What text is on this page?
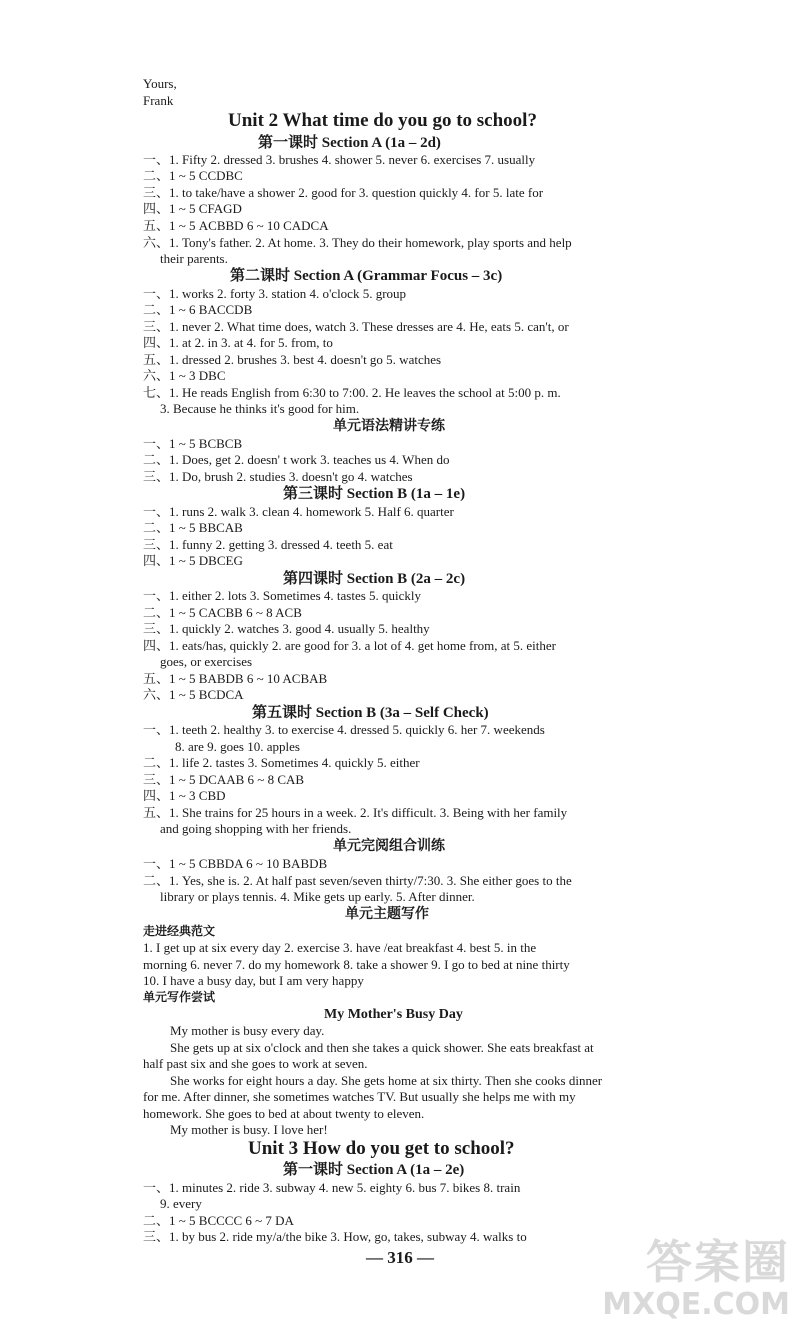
Yours,
Frank
Unit 2 What time do you go to school?
第一课时 Section A (1a – 2d)
一、1. Fifty 2. dressed 3. brushes 4. shower 5. never 6. exercises 7. usually
二、1 ~ 5 CCDBC
三、1. to take/have a shower 2. good for 3. question quickly 4. for 5. late for
四、1 ~ 5 CFAGD
五、1 ~ 5 ACBBD 6 ~ 10 CADCA
六、1. Tony's father. 2. At home. 3. They do their homework, play sports and help
their parents.
第二课时 Section A (Grammar Focus – 3c)
一、1. works 2. forty 3. station 4. o'clock 5. group
二、1 ~ 6 BACCDB
三、1. never 2. What time does, watch 3. These dresses are 4. He, eats 5. can't, or
四、1. at 2. in 3. at 4. for 5. from, to
五、1. dressed 2. brushes 3. best 4. doesn't go 5. watches
六、1 ~ 3 DBC
七、1. He reads English from 6:30 to 7:00. 2. He leaves the school at 5:00 p. m.
3. Because he thinks it's good for him.
单元语法精讲专练
一、1 ~ 5 BCBCB
二、1. Does, get 2. doesn' t work 3. teaches us 4. When do
三、1. Do, brush 2. studies 3. doesn't go 4. watches
第三课时 Section B (1a – 1e)
一、1. runs 2. walk 3. clean 4. homework 5. Half 6. quarter
二、1 ~ 5 BBCAB
三、1. funny 2. getting 3. dressed 4. teeth 5. eat
四、1 ~ 5 DBCEG
第四课时 Section B (2a – 2c)
一、1. either 2. lots 3. Sometimes 4. tastes 5. quickly
二、1 ~ 5 CACBB 6 ~ 8 ACB
三、1. quickly 2. watches 3. good 4. usually 5. healthy
四、1. eats/has, quickly 2. are good for 3. a lot of 4. get home from, at 5. either
goes, or exercises
五、1 ~ 5 BABDB 6 ~ 10 ACBAB
六、1 ~ 5 BCDCA
第五课时 Section B (3a – Self Check)
一、1. teeth 2. healthy 3. to exercise 4. dressed 5. quickly 6. her 7. weekends
8. are 9. goes 10. apples
二、1. life 2. tastes 3. Sometimes 4. quickly 5. either
三、1 ~ 5 DCAAB 6 ~ 8 CAB
四、1 ~ 3 CBD
五、1. She trains for 25 hours in a week. 2. It's difficult. 3. Being with her family
and going shopping with her friends.
单元完阅组合训练
一、1 ~ 5 CBBDA 6 ~ 10 BABDB
二、1. Yes, she is. 2. At half past seven/seven thirty/7:30. 3. She either goes to the
library or plays tennis. 4. Mike gets up early. 5. After dinner.
单元主题写作
走进经典范文
1. I get up at six every day 2. exercise 3. have /eat breakfast 4. best 5. in the
morning 6. never 7. do my homework 8. take a shower 9. I go to bed at nine thirty
10. I have a busy day, but I am very happy
单元写作尝试
My Mother's Busy Day
My mother is busy every day.
She gets up at six o'clock and then she takes a quick shower. She eats breakfast at
half past six and she goes to work at seven.
She works for eight hours a day. She gets home at six thirty. Then she cooks dinner
for me. After dinner, she sometimes watches TV. But usually she helps me with my
homework. She goes to bed at about twenty to eleven.
My mother is busy. I love her!
Unit 3 How do you get to school?
第一课时 Section A (1a – 2e)
一、1. minutes 2. ride 3. subway 4. new 5. eighty 6. bus 7. bikes 8. train
9. every
二、1 ~ 5 BCCCC 6 ~ 7 DA
三、1. by bus 2. ride my/a/the bike 3. How, go, takes, subway 4. walks to
— 316 —	答案圈
MXQE.COM
